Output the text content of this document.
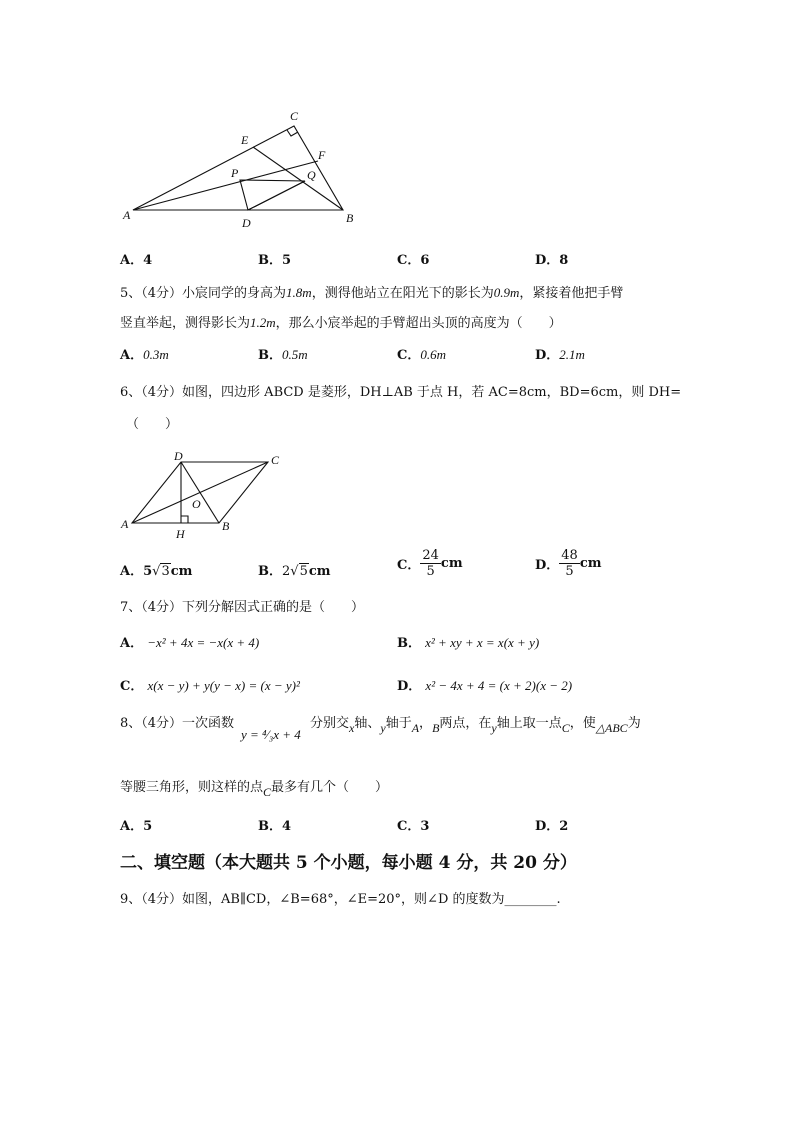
A	B
C
D
E
F
P	Q
A．4	B．5	C．6	D．8
5、（4分）小宸同学的身高为1.8m，测得他站立在阳光下的影长为0.9m，紧接着他把手臂
竖直举起，测得影长为1.2m，那么小宸举起的手臂超出头顶的高度为（　　）
A．0.3m	B．0.5m	C．0.6m	D．2.1m
6、（4分）如图，四边形 ABCD 是菱形，DH⊥AB 于点 H，若 AC=8cm，BD=6cm，则 DH=
（　　）
A	B
C
D
H
O
A．5√3cm	B．2√5cm	C． $\frac{24}{5}$ cm	D． $\frac{48}{5}$ cm
7、（4分）下列分解因式正确的是（　　）
A． −x² + 4x = −x(x + 4)	B． x² + xy + x = x(x + y)
C． x(x − y) + y(y − x) = (x − y)²	D． x² − 4x + 4 = (x + 2)(x − 2)
8、（4分）一次函数
y = ⁴⁄₃x + 4
分别交x轴、y轴于A，B两点，在y轴上取一点C，使△ABC为
等腰三角形，则这样的点C最多有几个（　　）
A．5	B．4	C．3	D．2
二、填空题（本大题共 5 个小题，每小题 4 分，共 20 分）
9、（4分）如图，AB∥CD，∠B=68°，∠E=20°，则∠D 的度数为________.
